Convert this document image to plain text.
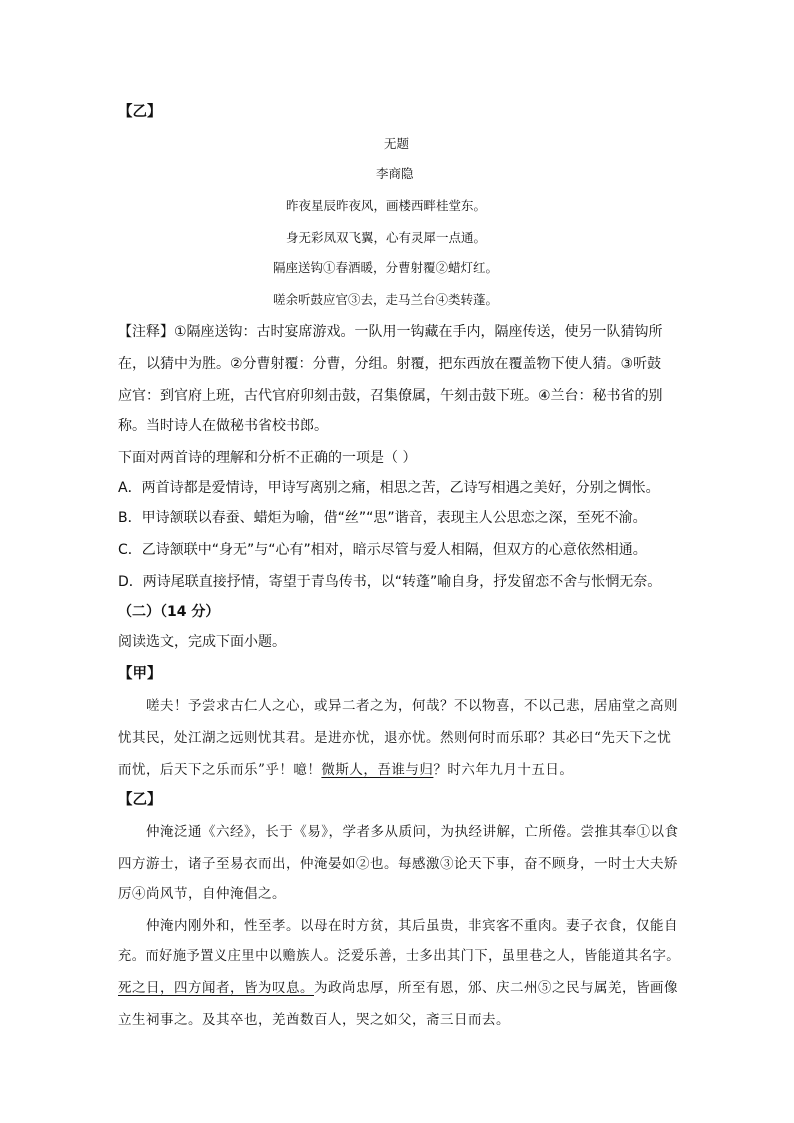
【乙】
无题
李商隐
昨夜星辰昨夜风，画楼西畔桂堂东。
身无彩凤双飞翼，心有灵犀一点通。
隔座送钩①春酒暖，分曹射覆②蜡灯红。
嗟余听鼓应官③去，走马兰台④类转蓬。
【注释】①隔座送钩：古时宴席游戏。一队用一钩藏在手内，隔座传送，使另一队猜钩所
在，以猜中为胜。②分曹射覆：分曹，分组。射覆，把东西放在覆盖物下使人猜。③听鼓
应官：到官府上班，古代官府卯刻击鼓，召集僚属，午刻击鼓下班。④兰台：秘书省的别
称。当时诗人在做秘书省校书郎。
下面对两首诗的理解和分析不正确的一项是（ ）
A．两首诗都是爱情诗，甲诗写离别之痛，相思之苦，乙诗写相遇之美好，分别之惆怅。
B．甲诗颔联以春蚕、蜡炬为喻，借“丝”“思”谐音，表现主人公思恋之深，至死不渝。
C．乙诗颔联中“身无”与“心有”相对，暗示尽管与爱人相隔，但双方的心意依然相通。
D．两诗尾联直接抒情，寄望于青鸟传书，以“转蓬”喻自身，抒发留恋不舍与怅惘无奈。
（二）（14 分）
阅读选文，完成下面小题。
【甲】
嗟夫！予尝求古仁人之心，或异二者之为，何哉？不以物喜，不以己悲，居庙堂之高则
忧其民，处江湖之远则忧其君。是进亦忧，退亦忧。然则何时而乐耶？其必曰“先天下之忧
而忧，后天下之乐而乐”乎！噫！微斯人，吾谁与归？时六年九月十五日。
【乙】
仲淹泛通《六经》，长于《易》，学者多从质问，为执经讲解，亡所倦。尝推其奉①以食
四方游士，诸子至易衣而出，仲淹晏如②也。每感激③论天下事，奋不顾身，一时士大夫矫
厉④尚风节，自仲淹倡之。
仲淹内刚外和，性至孝。以母在时方贫，其后虽贵，非宾客不重肉。妻子衣食，仅能自
充。而好施予置义庄里中以赡族人。泛爱乐善，士多出其门下，虽里巷之人，皆能道其名字。
死之日，四方闻者，皆为叹息。为政尚忠厚，所至有恩，邠、庆二州⑤之民与属羌，皆画像
立生祠事之。及其卒也，羌酋数百人，哭之如父，斋三日而去。
